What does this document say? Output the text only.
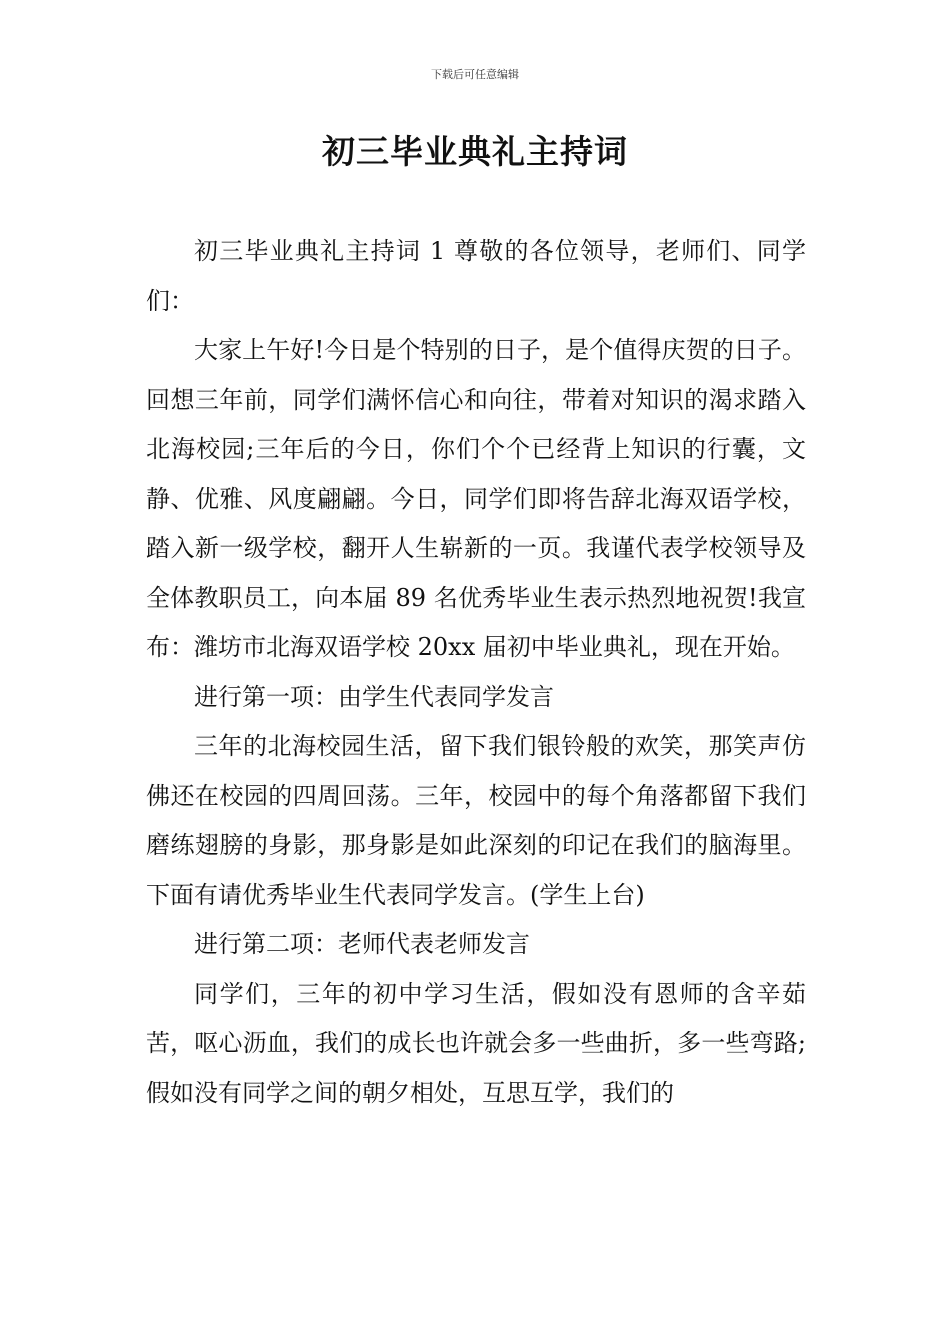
下载后可任意编辑
初三毕业典礼主持词

初三毕业典礼主持词 1 尊敬的各位领导，老师们、同学们：

大家上午好!今日是个特别的日子，是个值得庆贺的日子。回想三年前，同学们满怀信心和向往，带着对知识的渴求踏入北海校园;三年后的今日，你们个个已经背上知识的行囊，文静、优雅、风度翩翩。今日，同学们即将告辞北海双语学校，踏入新一级学校，翻开人生崭新的一页。我谨代表学校领导及全体教职员工，向本届 89 名优秀毕业生表示热烈地祝贺!我宣布：潍坊市北海双语学校 20xx 届初中毕业典礼，现在开始。

进行第一项：由学生代表同学发言

三年的北海校园生活，留下我们银铃般的欢笑，那笑声仿佛还在校园的四周回荡。三年，校园中的每个角落都留下我们磨练翅膀的身影，那身影是如此深刻的印记在我们的脑海里。下面有请优秀毕业生代表同学发言。(学生上台)

进行第二项：老师代表老师发言

同学们，三年的初中学习生活，假如没有恩师的含辛茹苦，呕心沥血，我们的成长也许就会多一些曲折，多一些弯路;假如没有同学之间的朝夕相处，互思互学，我们的
